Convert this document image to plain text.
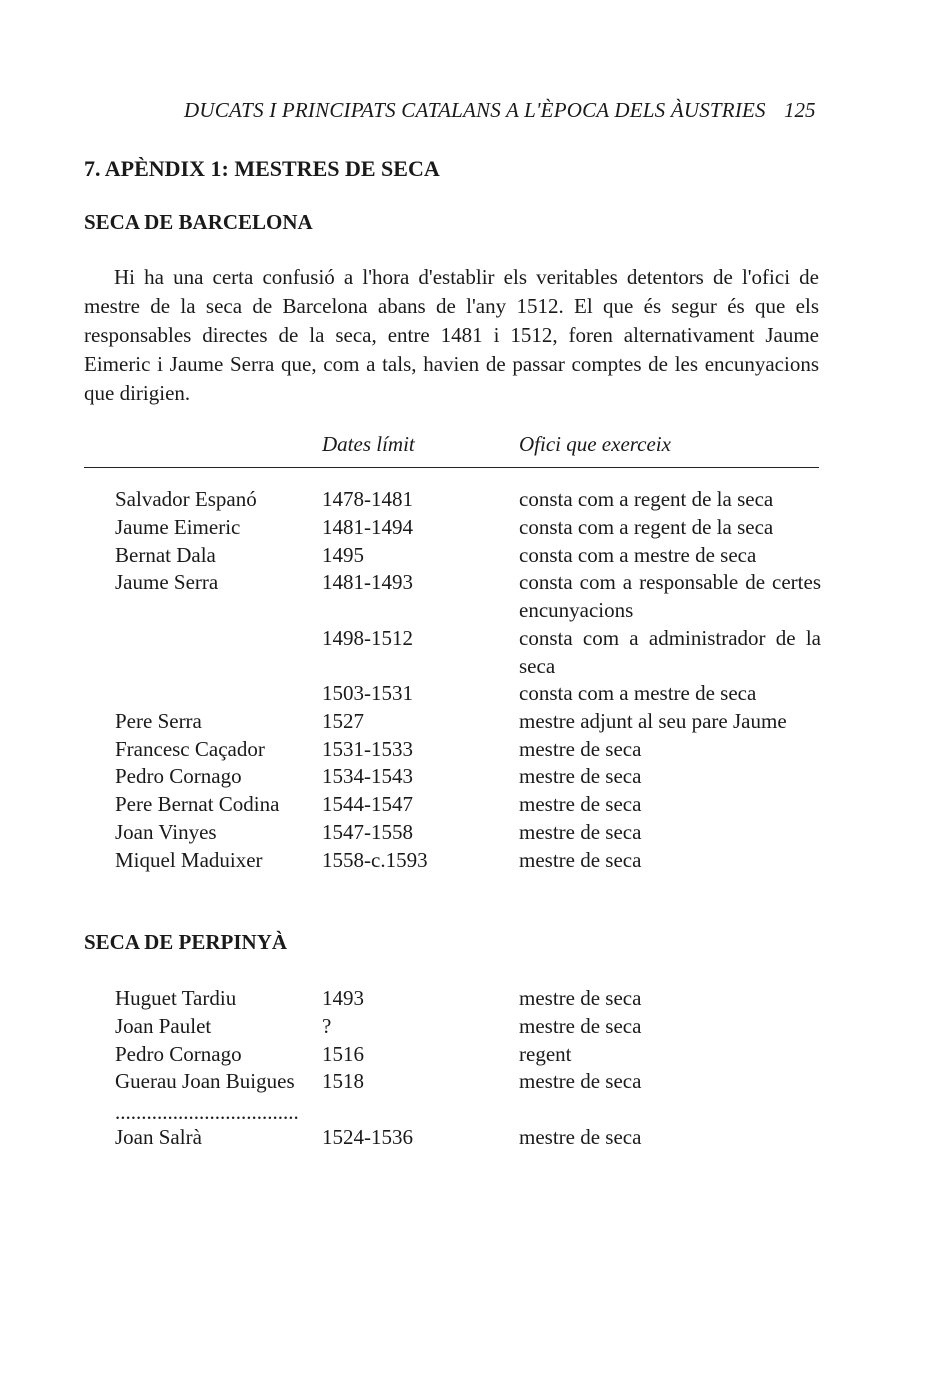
DUCATS I PRINCIPATS CATALANS A L'ÈPOCA DELS ÀUSTRIES 125
7. APÈNDIX 1: MESTRES DE SECA
SECA DE BARCELONA

Hi ha una certa confusió a l'hora d'establir els veritables detentors de l'ofici de mestre de la seca de Barcelona abans de l'any 1512. El que és segur és que els responsables directes de la seca, entre 1481 i 1512, foren alternativament Jaume Eimeric i Jaume Serra que, com a tals, havien de passar comptes de les encunyacions que dirigien.

Dates límit	Ofici que exerceix
Salvador Espanó	1478-1481	consta com a regent de la seca
Jaume Eimeric	1481-1494	consta com a regent de la seca
Bernat Dala	1495	consta com a mestre de seca
Jaume Serra	1481-1493	consta com a responsable de certes encunyacions
1498-1512	consta com a administrador de la seca
1503-1531	consta com a mestre de seca
Pere Serra	1527	mestre adjunt al seu pare Jaume
Francesc Caçador	1531-1533	mestre de seca
Pedro Cornago	1534-1543	mestre de seca
Pere Bernat Codina 1544-1547	mestre de seca
Joan Vinyes	1547-1558	mestre de seca
Miquel Maduixer	1558-c.1593	mestre de seca
SECA DE PERPINYÀ
Huguet Tardiu	1493	mestre de seca
Joan Paulet	?	mestre de seca
Pedro Cornago	1516	regent
Guerau Joan Buigues 1518	mestre de seca
...................................
Joan Salrà	1524-1536	mestre de seca
